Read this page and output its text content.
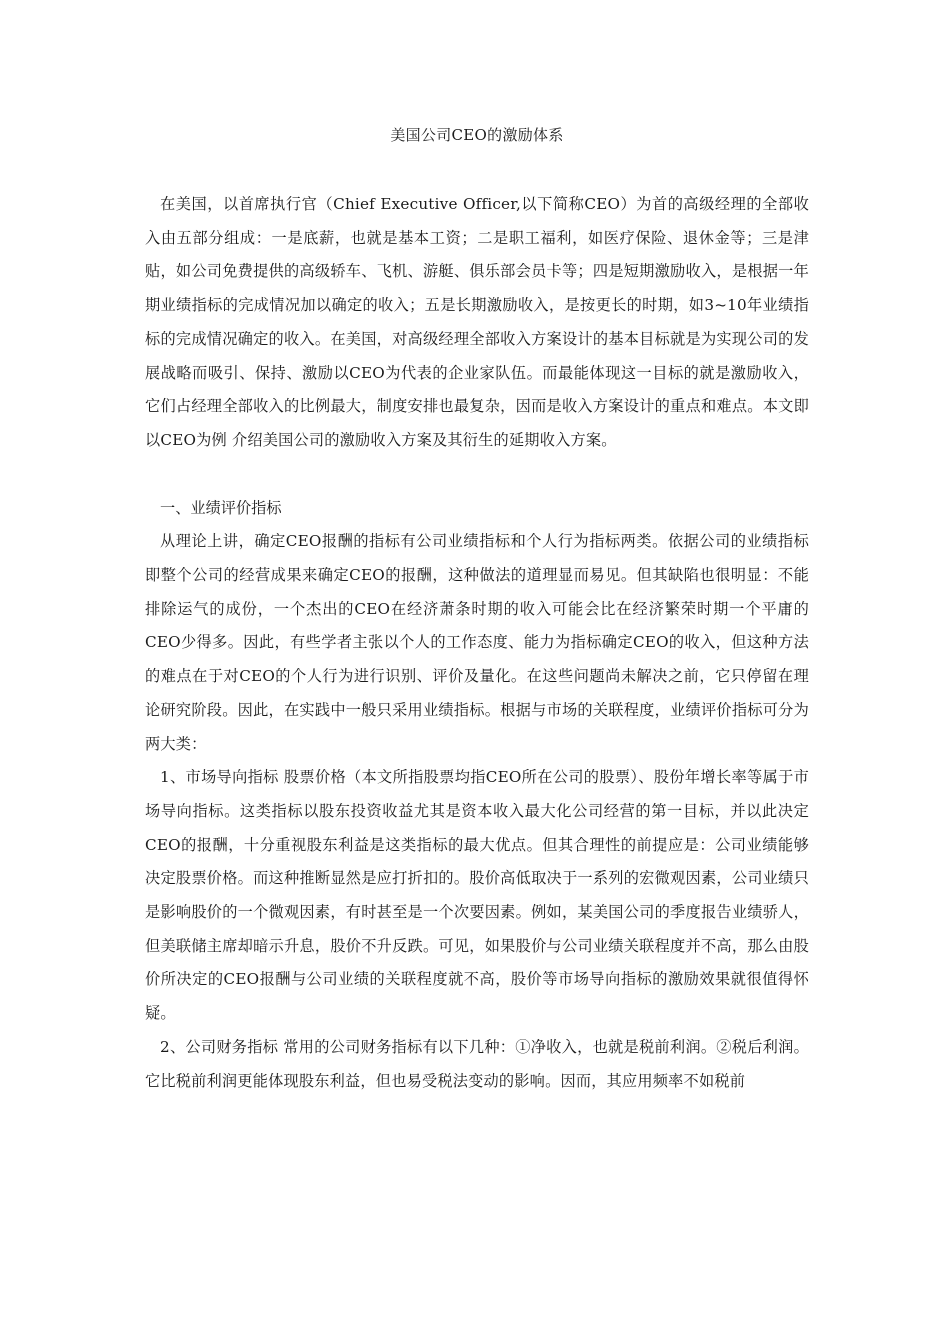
美国公司CEO的激励体系

在美国，以首席执行官（Chief Executive Officer,以下简称CEO）为首的高级经理的全部收入由五部分组成：一是底薪，也就是基本工资；二是职工福利，如医疗保险、退休金等；三是津贴，如公司免费提供的高级轿车、飞机、游艇、俱乐部会员卡等；四是短期激励收入，是根据一年期业绩指标的完成情况加以确定的收入；五是长期激励收入，是按更长的时期，如3~10年业绩指标的完成情况确定的收入。在美国，对高级经理全部收入方案设计的基本目标就是为实现公司的发展战略而吸引、保持、激励以CEO为代表的企业家队伍。而最能体现这一目标的就是激励收入，它们占经理全部收入的比例最大，制度安排也最复杂，因而是收入方案设计的重点和难点。本文即以CEO为例 介绍美国公司的激励收入方案及其衍生的延期收入方案。

一、业绩评价指标

从理论上讲，确定CEO报酬的指标有公司业绩指标和个人行为指标两类。依据公司的业绩指标即整个公司的经营成果来确定CEO的报酬，这种做法的道理显而易见。但其缺陷也很明显：不能排除运气的成份，一个杰出的CEO在经济萧条时期的收入可能会比在经济繁荣时期一个平庸的CEO少得多。因此，有些学者主张以个人的工作态度、能力为指标确定CEO的收入，但这种方法的难点在于对CEO的个人行为进行识别、评价及量化。在这些问题尚未解决之前，它只停留在理论研究阶段。因此，在实践中一般只采用业绩指标。根据与市场的关联程度，业绩评价指标可分为两大类：

1、市场导向指标 股票价格（本文所指股票均指CEO所在公司的股票）、股份年增长率等属于市场导向指标。这类指标以股东投资收益尤其是资本收入最大化公司经营的第一目标，并以此决定CEO的报酬，十分重视股东利益是这类指标的最大优点。但其合理性的前提应是：公司业绩能够决定股票价格。而这种推断显然是应打折扣的。股价高低取决于一系列的宏微观因素，公司业绩只是影响股价的一个微观因素，有时甚至是一个次要因素。例如，某美国公司的季度报告业绩骄人，但美联储主席却暗示升息，股价不升反跌。可见，如果股价与公司业绩关联程度并不高，那么由股价所决定的CEO报酬与公司业绩的关联程度就不高，股价等市场导向指标的激励效果就很值得怀疑。

2、公司财务指标 常用的公司财务指标有以下几种：①净收入，也就是税前利润。②税后利润。它比税前利润更能体现股东利益，但也易受税法变动的影响。因而，其应用频率不如税前
